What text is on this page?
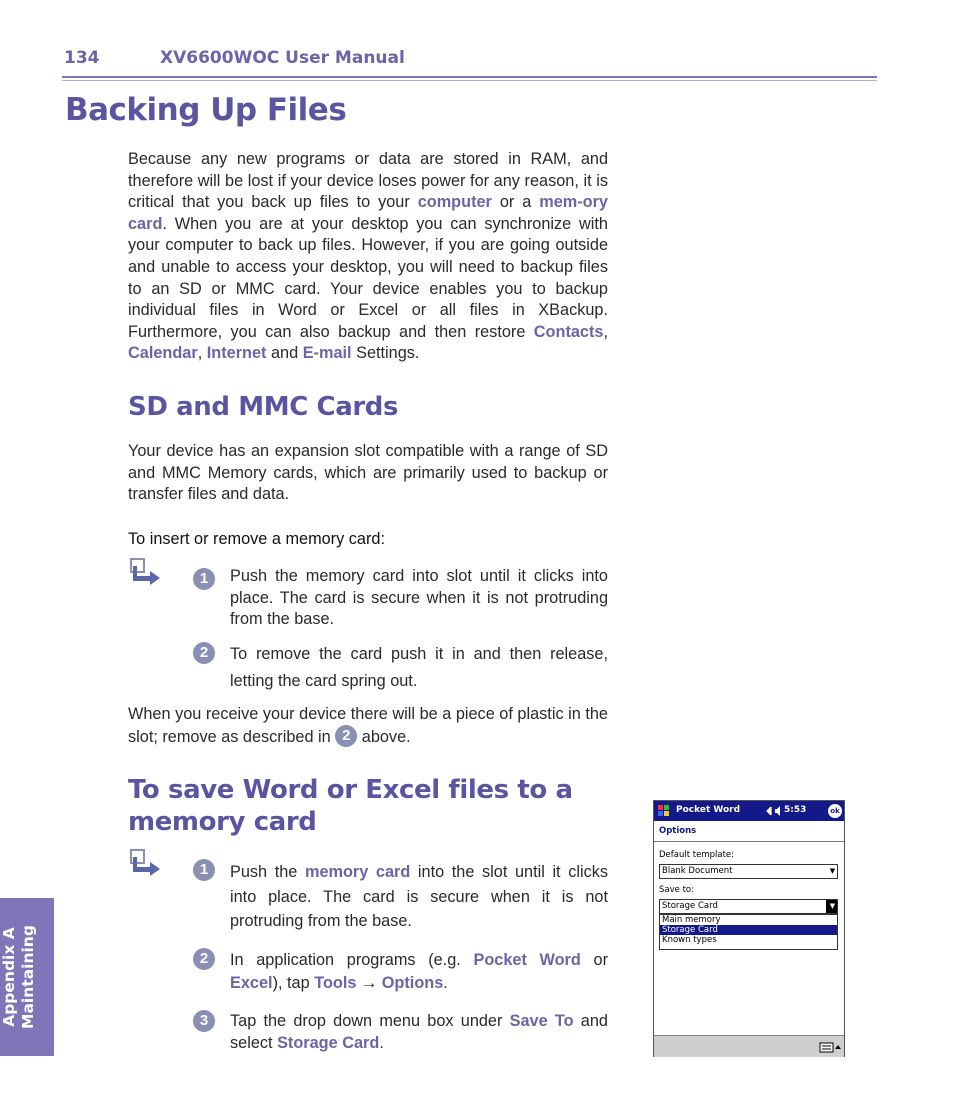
134	XV6600WOC User Manual
Backing Up Files

Because any new programs or data are stored in RAM, and therefore will be lost if your device loses power for any reason, it is critical that you back up files to your computer or a mem-ory card. When you are at your desktop you can synchronize with your computer to back up files. However, if you are going outside and unable to access your desktop, you will need to backup files to an SD or MMC card. Your device enables you to backup individual files in Word or Excel or all files in XBackup. Furthermore, you can also backup and then restore Contacts, Calendar, Internet and E-mail Settings.

SD and MMC Cards

Your device has an expansion slot compatible with a range of SD and MMC Memory cards, which are primarily used to backup or transfer files and data.

To insert or remove a memory card:

1	Push the memory card into slot until it clicks into place. The card is secure when it is not protruding from the base.

2	To remove the card push it in and then release, letting the card spring out.

When you receive your device there will be a piece of plastic in the slot; remove as described in 2 above.

To save Word or Excel files to a memory card
1	Push the memory card into the slot until it clicks into place. The card is secure when it is not protruding from the base.

2	In application programs (e.g. Pocket Word or Excel), tap Tools → Options.

3	Tap the drop down menu box under Save To and select Storage Card.

Appendix A Maintaining
Pocket Word	5:53	ok
Options
Default template:
Blank Document	▼
Save to:
Storage Card	▼
Main memory
Storage Card
Known types
